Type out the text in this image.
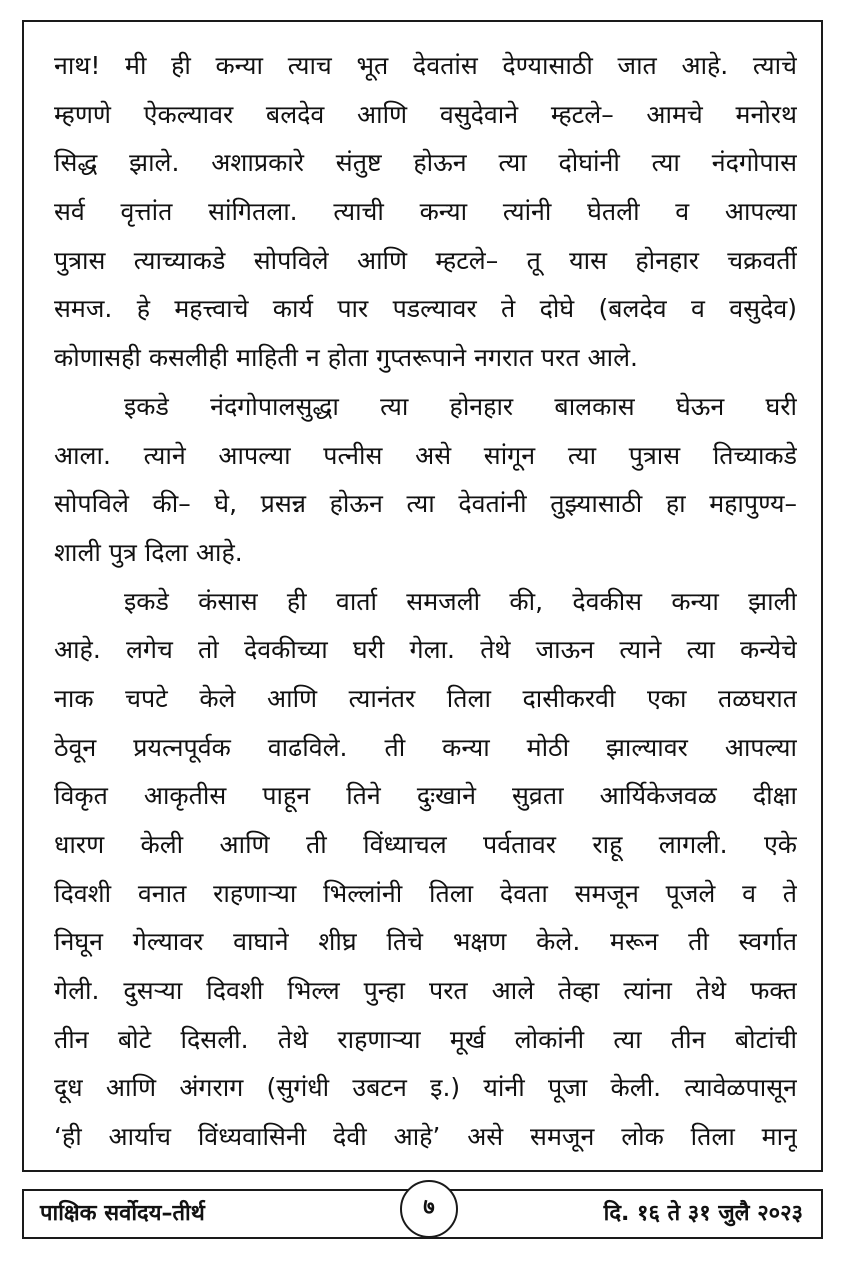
नाथ! मी ही कन्या त्याच भूत देवतांस देण्यासाठी जात आहे. त्याचे
म्हणणे ऐकल्यावर बलदेव आणि वसुदेवाने म्हटले– आमचे मनोरथ
सिद्ध झाले. अशाप्रकारे संतुष्ट होऊन त्या दोघांनी त्या नंदगोपास
सर्व वृत्तांत सांगितला. त्याची कन्या त्यांनी घेतली व आपल्या
पुत्रास त्याच्याकडे सोपविले आणि म्हटले– तू यास होनहार चक्रवर्ती
समज. हे महत्त्वाचे कार्य पार पडल्यावर ते दोघे (बलदेव व वसुदेव)
कोणासही कसलीही माहिती न होता गुप्तरूपाने नगरात परत आले.
इकडे नंदगोपालसुद्धा त्या होनहार बालकास घेऊन घरी
आला. त्याने आपल्या पत्नीस असे सांगून त्या पुत्रास तिच्याकडे
सोपविले की– घे, प्रसन्न होऊन त्या देवतांनी तुझ्यासाठी हा महापुण्य–
शाली पुत्र दिला आहे.
इकडे कंसास ही वार्ता समजली की, देवकीस कन्या झाली
आहे. लगेच तो देवकीच्या घरी गेला. तेथे जाऊन त्याने त्या कन्येचे
नाक चपटे केले आणि त्यानंतर तिला दासीकरवी एका तळघरात
ठेवून प्रयत्नपूर्वक वाढविले. ती कन्या मोठी झाल्यावर आपल्या
विकृत आकृतीस पाहून तिने दुःखाने सुव्रता आर्यिकेजवळ दीक्षा
धारण केली आणि ती विंध्याचल पर्वतावर राहू लागली. एके
दिवशी वनात राहणाऱ्या भिल्लांनी तिला देवता समजून पूजले व ते
निघून गेल्यावर वाघाने शीघ्र तिचे भक्षण केले. मरून ती स्वर्गात
गेली. दुसऱ्या दिवशी भिल्ल पुन्हा परत आले तेव्हा त्यांना तेथे फक्त
तीन बोटे दिसली. तेथे राहणाऱ्या मूर्ख लोकांनी त्या तीन बोटांची
दूध आणि अंगराग (सुगंधी उबटन इ.) यांनी पूजा केली. त्यावेळपासून
‘ही आर्याच विंध्यवासिनी देवी आहे’ असे समजून लोक तिला मानू
पाक्षिक सर्वोदय–तीर्थ	७	दि. १६ ते ३१ जुलै २०२३
